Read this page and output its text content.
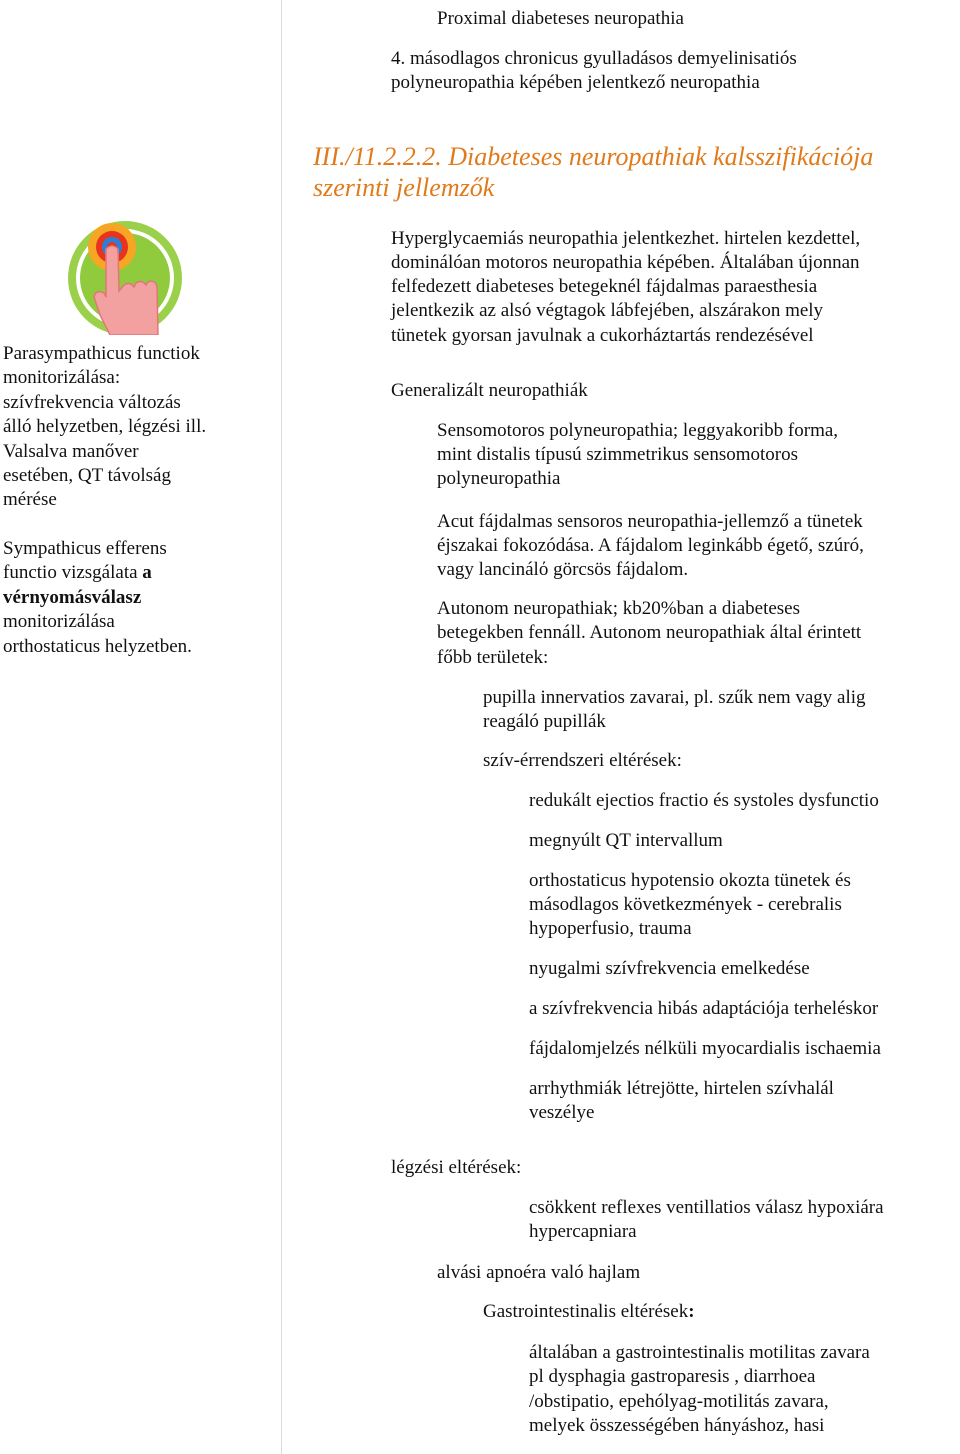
Proximal diabeteses neuropathia

4. másodlagos chronicus gyulladásos demyelinisatiós

polyneuropathia képében jelentkező neuropathia

III./11.2.2.2. Diabeteses neuropathiak kalsszifikációja

szerinti jellemzők

Parasympathicus functiok
monitorizálása:
szívfrekvencia változás
álló helyzetben, légzési ill.
Valsalva manőver
esetében, QT távolság
mérése
Sympathicus efferens
functio vizsgálata a
vérnyomásválasz
monitorizálása
orthostaticus helyzetben.

Hyperglycaemiás neuropathia jelentkezhet. hirtelen kezdettel,

dominálóan motoros neuropathia képében. Általában újonnan

felfedezett diabeteses betegeknél fájdalmas paraesthesia

jelentkezik az alsó végtagok lábfejében, alszárakon mely

tünetek gyorsan javulnak a cukorháztartás rendezésével

Generalizált neuropathiák

Sensomotoros polyneuropathia; leggyakoribb forma,

mint distalis típusú szimmetrikus sensomotoros

polyneuropathia

Acut fájdalmas sensoros neuropathia-jellemző a tünetek

éjszakai fokozódása. A fájdalom leginkább égető, szúró,

vagy lancinálό görcsös fájdalom.

Autonom neuropathiak; kb20%ban a diabeteses

betegekben fennáll. Autonom neuropathiak által érintett

főbb területek:

pupilla innervatios zavarai, pl. szűk nem vagy alig

reagáló pupillák

szív-érrendszeri eltérések:

redukált ejectios fractio és systoles dysfunctio

megnyúlt QT intervallum

orthostaticus hypotensio okozta tünetek és

másodlagos következmények - cerebralis

hypoperfusio, trauma

nyugalmi szívfrekvencia emelkedése

a szívfrekvencia hibás adaptációja terheléskor

fájdalomjelzés nélküli myocardialis ischaemia

arrhythmiák létrejötte, hirtelen szívhalál

veszélye

légzési eltérések:

csökkent reflexes ventillatios válasz hypoxiára

hypercapniara

alvási apnoéra való hajlam

Gastrointestinalis eltérések:

általában a gastrointestinalis motilitas zavara

pl dysphagia gastroparesis , diarrhoea

/obstipatio, epehólyag-motilitás zavara,

melyek összességében hányáshoz, hasi
